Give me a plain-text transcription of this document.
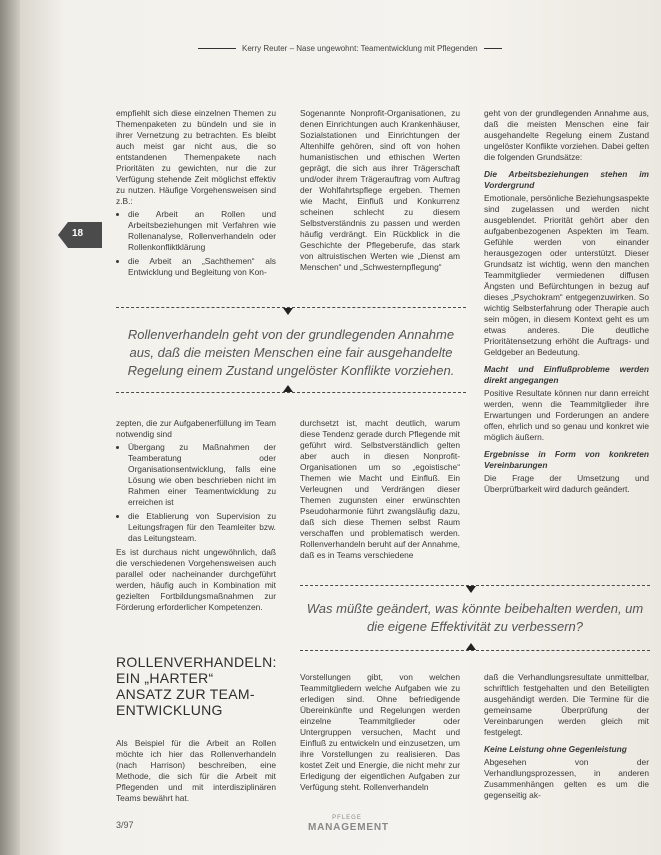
Kerry Reuter – Nase ungewohnt: Teamentwicklung mit Pflegenden
18

empfiehlt sich diese einzelnen Themen zu Themenpaketen zu bündeln und sie in ihrer Vernetzung zu betrachten. Es bleibt auch meist gar nicht aus, die so entstandenen Themenpakete nach Prioritäten zu gewichten, nur die zur Verfügung stehende Zeit möglichst effektiv zu nutzen. Häufige Vorgehensweisen sind z.B.:

• die Arbeit an Rollen und Arbeitsbeziehungen mit Verfahren wie Rollenanalyse, Rollenverhandeln oder Rollenkonfliktklärung
• die Arbeit an „Sachthemen“ als Entwicklung und Begleitung von Kon-

Sogenannte Nonprofit-Organisationen, zu denen Einrichtungen auch Krankenhäuser, Sozialstationen und Einrichtungen der Altenhilfe gehören, sind oft von hohen humanistischen und ethischen Werten geprägt, die sich aus ihrer Trägerschaft und/oder ihrem Trägerauftrag vom Auftrag der Wohlfahrtspflege ergeben. Themen wie Macht, Einfluß und Konkurrenz scheinen schlecht zu diesem Selbstverständnis zu passen und werden häufig verdrängt. Ein Rückblick in die Geschichte der Pflegeberufe, das stark von altruistischen Werten wie „Dienst am Menschen“ und „Schwesternpflegung“

geht von der grundlegenden Annahme aus, daß die meisten Menschen eine fair ausgehandelte Regelung einem Zustand ungelöster Konflikte vorziehen. Dabei gelten die folgenden Grundsätze:

Die Arbeitsbeziehungen stehen im Vordergrund

Emotionale, persönliche Beziehungsaspekte sind zugelassen und werden nicht ausgeblendet. Priorität gehört aber den aufgabenbezogenen Aspekten im Team. Gefühle werden von einander herausgezogen oder unterstützt. Dieser Grundsatz ist wichtig, wenn den manchen Teammitglieder vermiedenen diffusen Ängsten und Befürchtungen in bezug auf dieses „Psychokram“ entgegenzuwirken. So wichtig Selbsterfahrung oder Therapie auch sein mögen, in diesem Kontext geht es um etwas anderes. Die deutliche Prioritätensetzung erhöht die Auftrags- und Geldgeber an Bedeutung.

Macht und Einflußprobleme werden direkt angegangen

Positive Resultate können nur dann erreicht werden, wenn die Teammitglieder ihre Erwartungen und Forderungen an andere offen, ehrlich und so genau und konkret wie möglich äußern.

Ergebnisse in Form von konkreten Vereinbarungen

Die Frage der Umsetzung und Überprüfbarkeit wird dadurch geändert.

Rollenverhandeln geht von der grundlegenden Annahme aus, daß die meisten Menschen eine fair ausgehandelte Regelung einem Zustand ungelöster Konflikte vorziehen.

zepten, die zur Aufgabenerfüllung im Team notwendig sind

• Übergang zu Maßnahmen der Teamberatung oder Organisationsentwicklung, falls eine Lösung wie oben beschrieben nicht im Rahmen einer Teamentwicklung zu erreichen ist
• die Etablierung von Supervision zu Leitungsfragen für den Teamleiter bzw. das Leitungsteam.

Es ist durchaus nicht ungewöhnlich, daß die verschiedenen Vorgehensweisen auch parallel oder nacheinander durchgeführt werden, häufig auch in Kombination mit gezielten Fortbildungsmaßnahmen zur Förderung erforderlicher Kompetenzen.

durchsetzt ist, macht deutlich, warum diese Tendenz gerade durch Pflegende mit geführt wird. Selbstverständlich gelten aber auch in diesen Nonprofit-Organisationen um so „egoistische“ Themen wie Macht und Einfluß. Ein Verleugnen und Verdrängen dieser Themen zugunsten einer erwünschten Pseudoharmonie führt zwangsläufig dazu, daß sich diese Themen selbst Raum verschaffen und problematisch werden. Rollenverhandeln beruht auf der Annahme, daß es in Teams verschiedene

Was müßte geändert, was könnte beibehalten werden, um die eigene Effektivität zu verbessern?
ROLLENVERHANDELN: EIN „HARTER“ ANSATZ ZUR TEAM-ENTWICKLUNG

Als Beispiel für die Arbeit an Rollen möchte ich hier das Rollenverhandeln (nach Harrison) beschreiben, eine Methode, die sich für die Arbeit mit Pflegenden und mit interdisziplinären Teams bewährt hat.

Vorstellungen gibt, von welchen Teammitgliedern welche Aufgaben wie zu erledigen sind. Ohne befriedigende Übereinkünfte und Regelungen werden einzelne Teammitglieder oder Untergruppen versuchen, Macht und Einfluß zu entwickeln und einzusetzen, um ihre Vorstellungen zu realisieren. Das kostet Zeit und Energie, die nicht mehr zur Erledigung der eigentlichen Aufgaben zur Verfügung steht. Rollenverhandeln

daß die Verhandlungsresultate unmittelbar, schriftlich festgehalten und den Beteiligten ausgehändigt werden. Die Termine für die gemeinsame Überprüfung der Vereinbarungen werden gleich mit festgelegt.

Keine Leistung ohne Gegenleistung

Abgesehen von der Verhandlungsprozessen, in anderen Zusammenhängen gelten es um die gegenseitig ak-

3/97
PFLEGE
MANAGEMENT
